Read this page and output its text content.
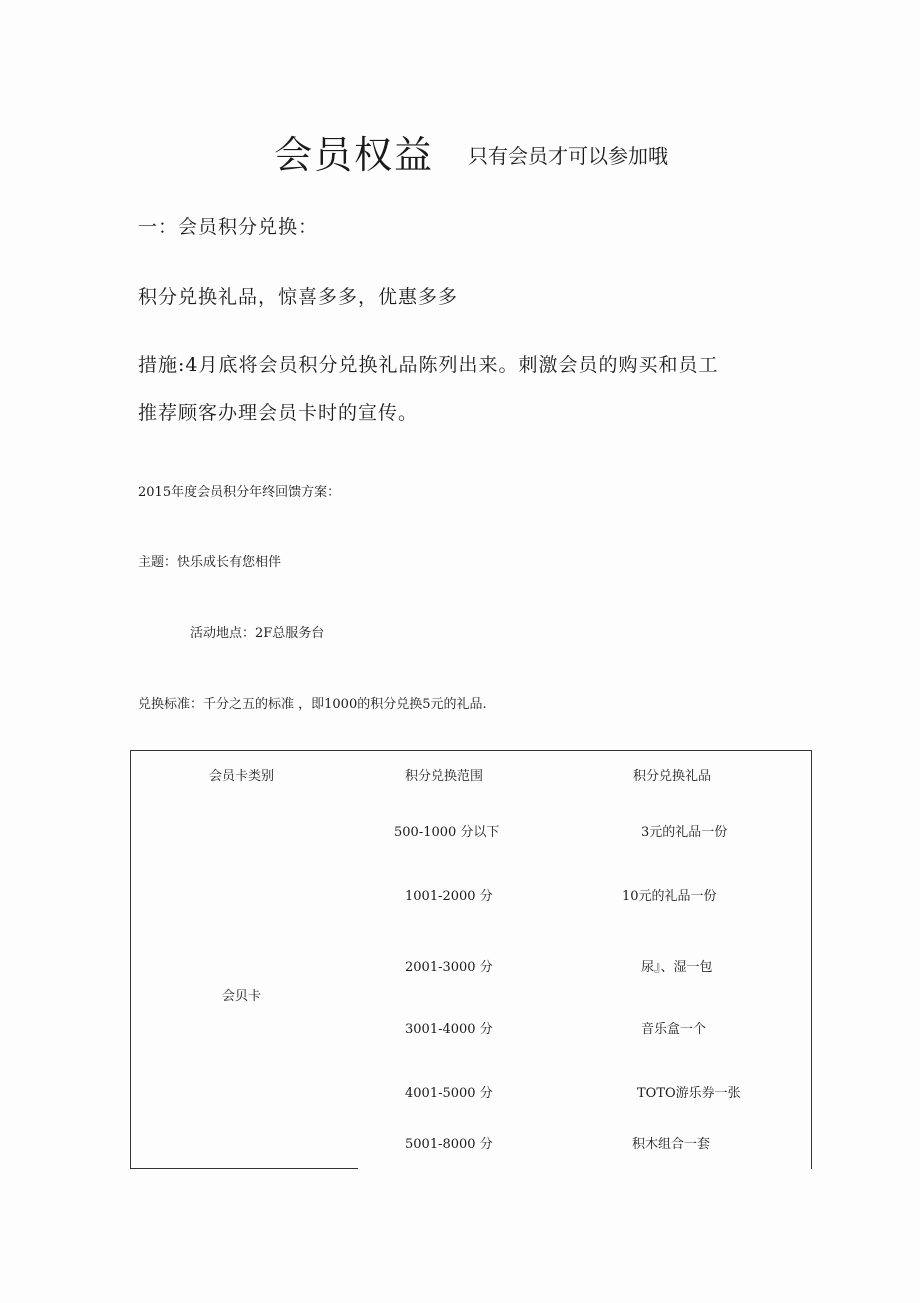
会员权益 只有会员才可以参加哦
一：会员积分兑换：
积分兑换礼品，惊喜多多，优惠多多
措施:4月底将会员积分兑换礼品陈列出来。刺激会员的购买和员工
推荐顾客办理会员卡时的宣传。
2015年度会员积分年终回馈方案：
主题：快乐成长有您相伴
活动地点：2F总服务台
兑换标准：千分之五的标准 ，即1000的积分兑换5元的礼品.
会员卡类别	积分兑换范围	积分兑换礼品
会贝卡
500-1000 分以下	3元的礼品一份
1001-2000 分	10元的礼品一份
2001-3000 分	尿』、湿一包
3001-4000 分	音乐盒一个
4001-5000 分	TOTO游乐券一张
5001-8000 分	积木组合一套
